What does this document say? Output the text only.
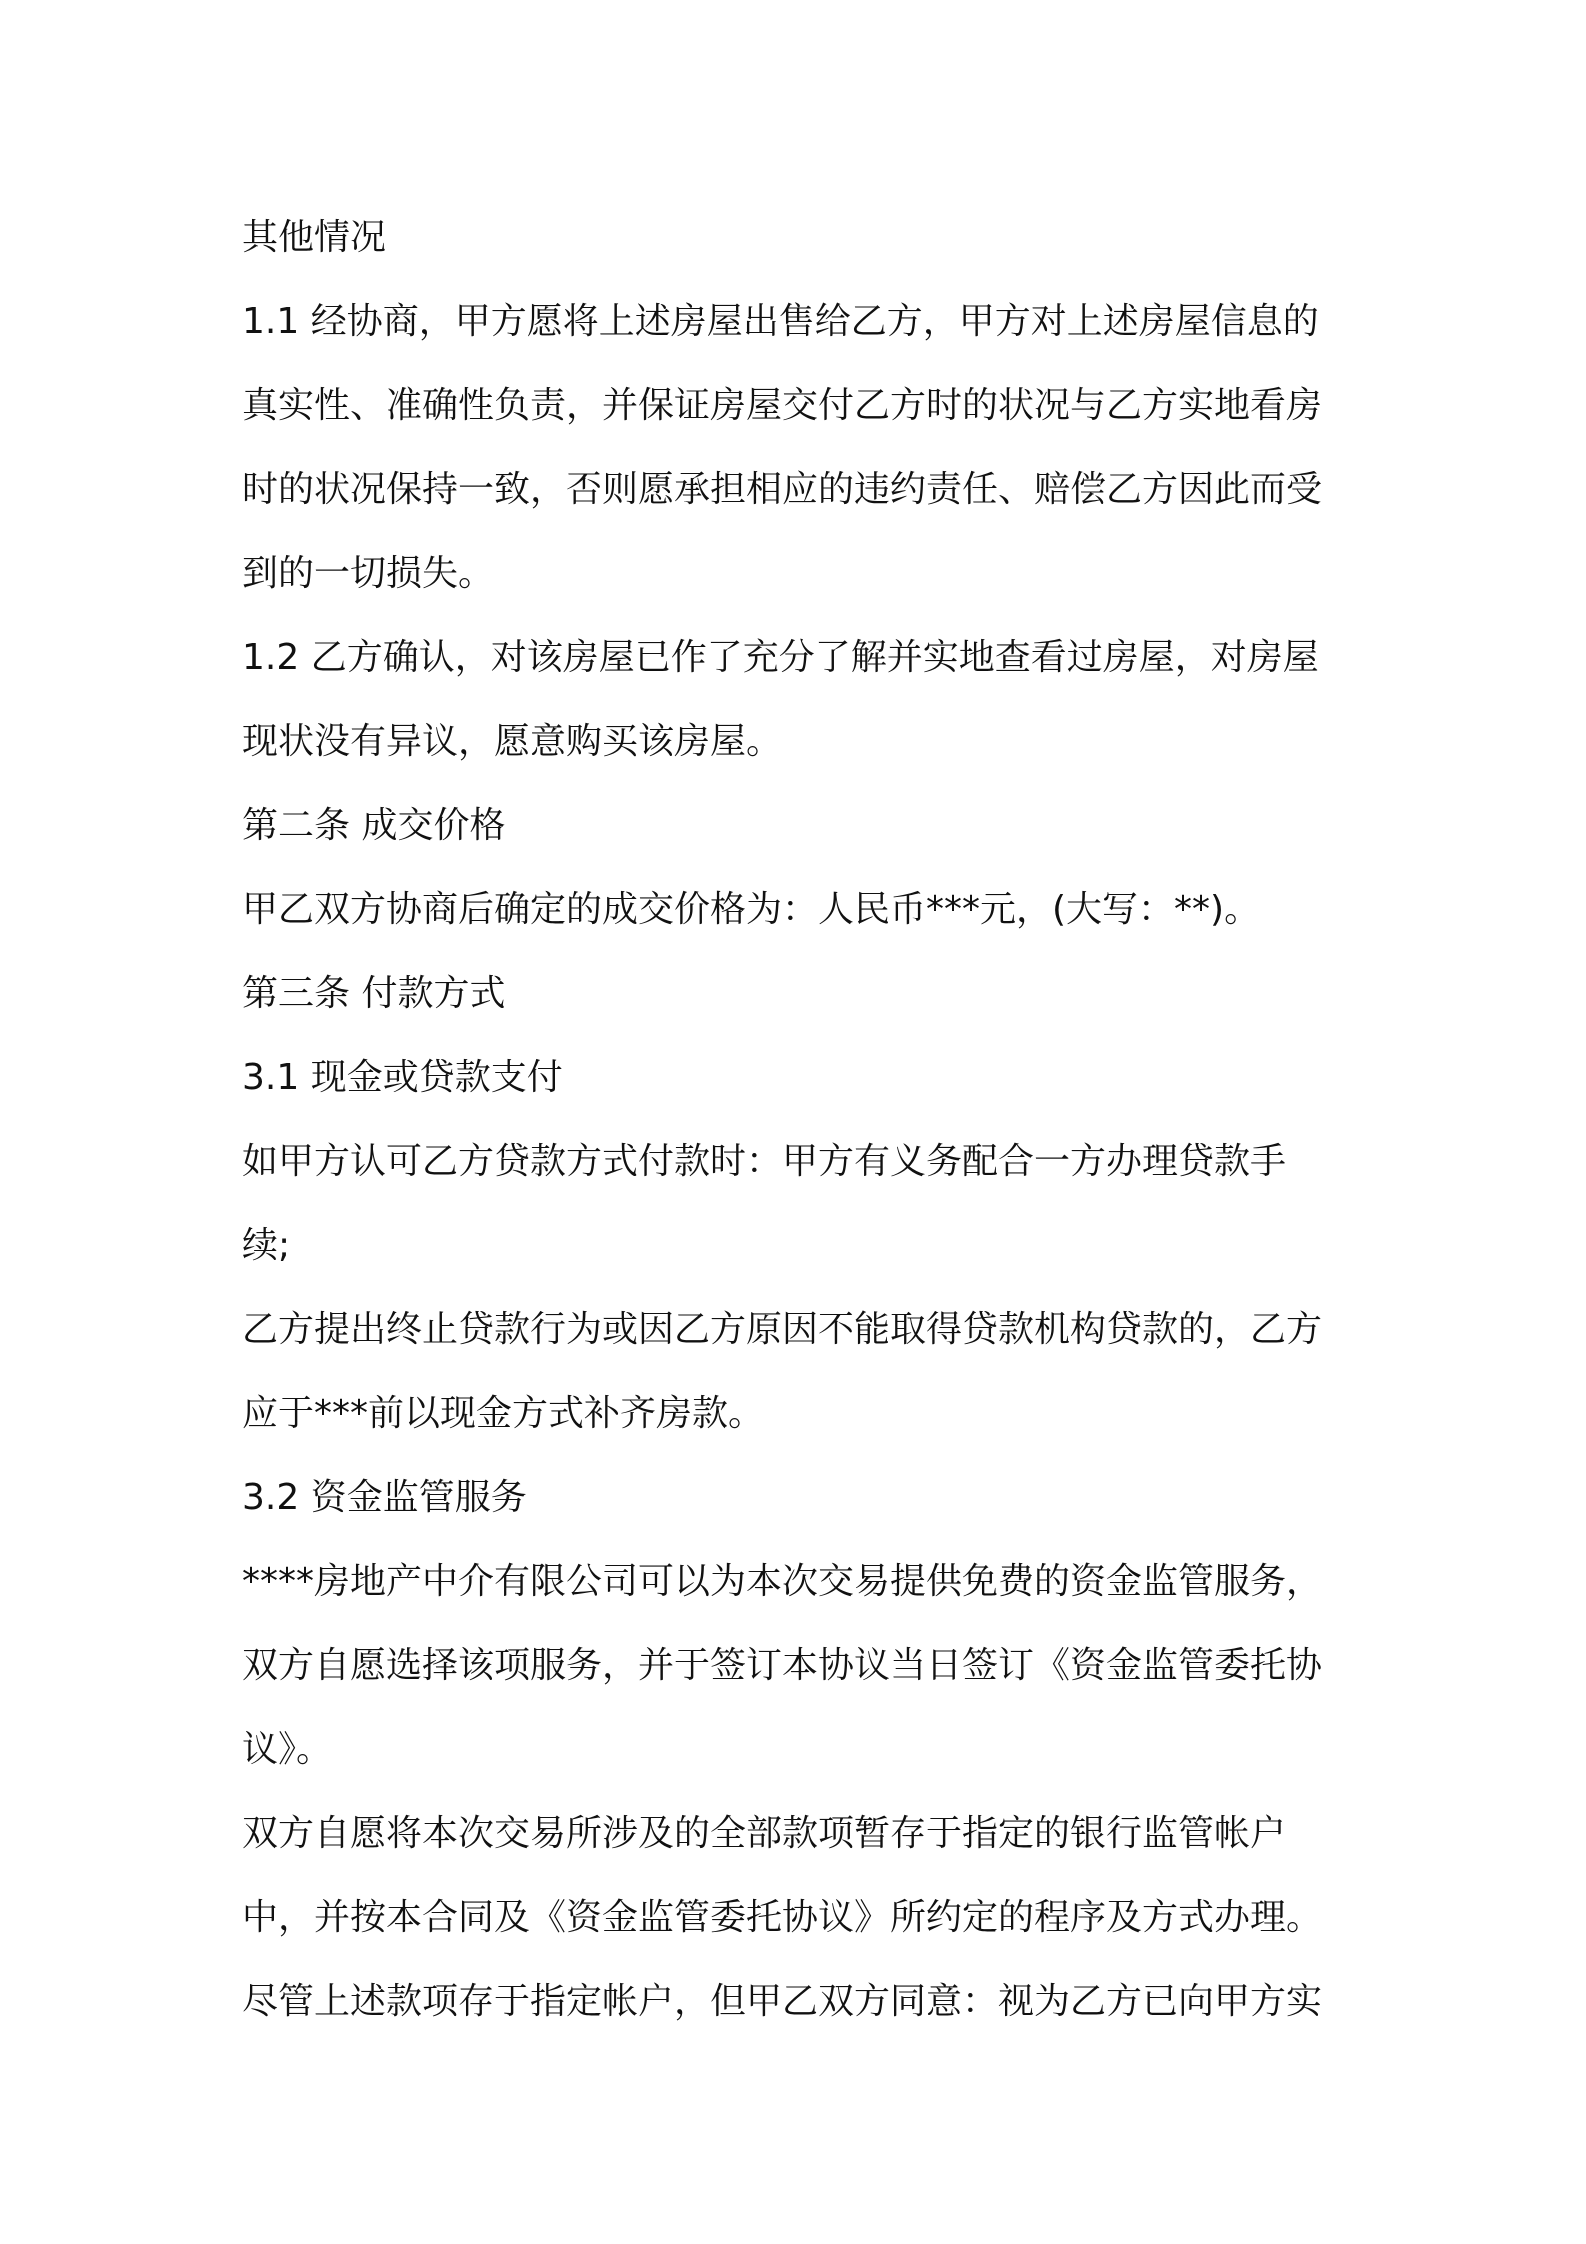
其他情况
1.1 经协商，甲方愿将上述房屋出售给乙方，甲方对上述房屋信息的
真实性、准确性负责，并保证房屋交付乙方时的状况与乙方实地看房
时的状况保持一致，否则愿承担相应的违约责任、赔偿乙方因此而受
到的一切损失。
1.2 乙方确认，对该房屋已作了充分了解并实地查看过房屋，对房屋
现状没有异议，愿意购买该房屋。
第二条 成交价格
甲乙双方协商后确定的成交价格为：人民币***元，(大写：**)。
第三条 付款方式
3.1 现金或贷款支付
如甲方认可乙方贷款方式付款时：甲方有义务配合一方办理贷款手
续;
乙方提出终止贷款行为或因乙方原因不能取得贷款机构贷款的，乙方
应于***前以现金方式补齐房款。
3.2 资金监管服务
****房地产中介有限公司可以为本次交易提供免费的资金监管服务，
双方自愿选择该项服务，并于签订本协议当日签订《资金监管委托协
议》。
双方自愿将本次交易所涉及的全部款项暂存于指定的银行监管帐户
中，并按本合同及《资金监管委托协议》所约定的程序及方式办理。
尽管上述款项存于指定帐户，但甲乙双方同意：视为乙方已向甲方实
